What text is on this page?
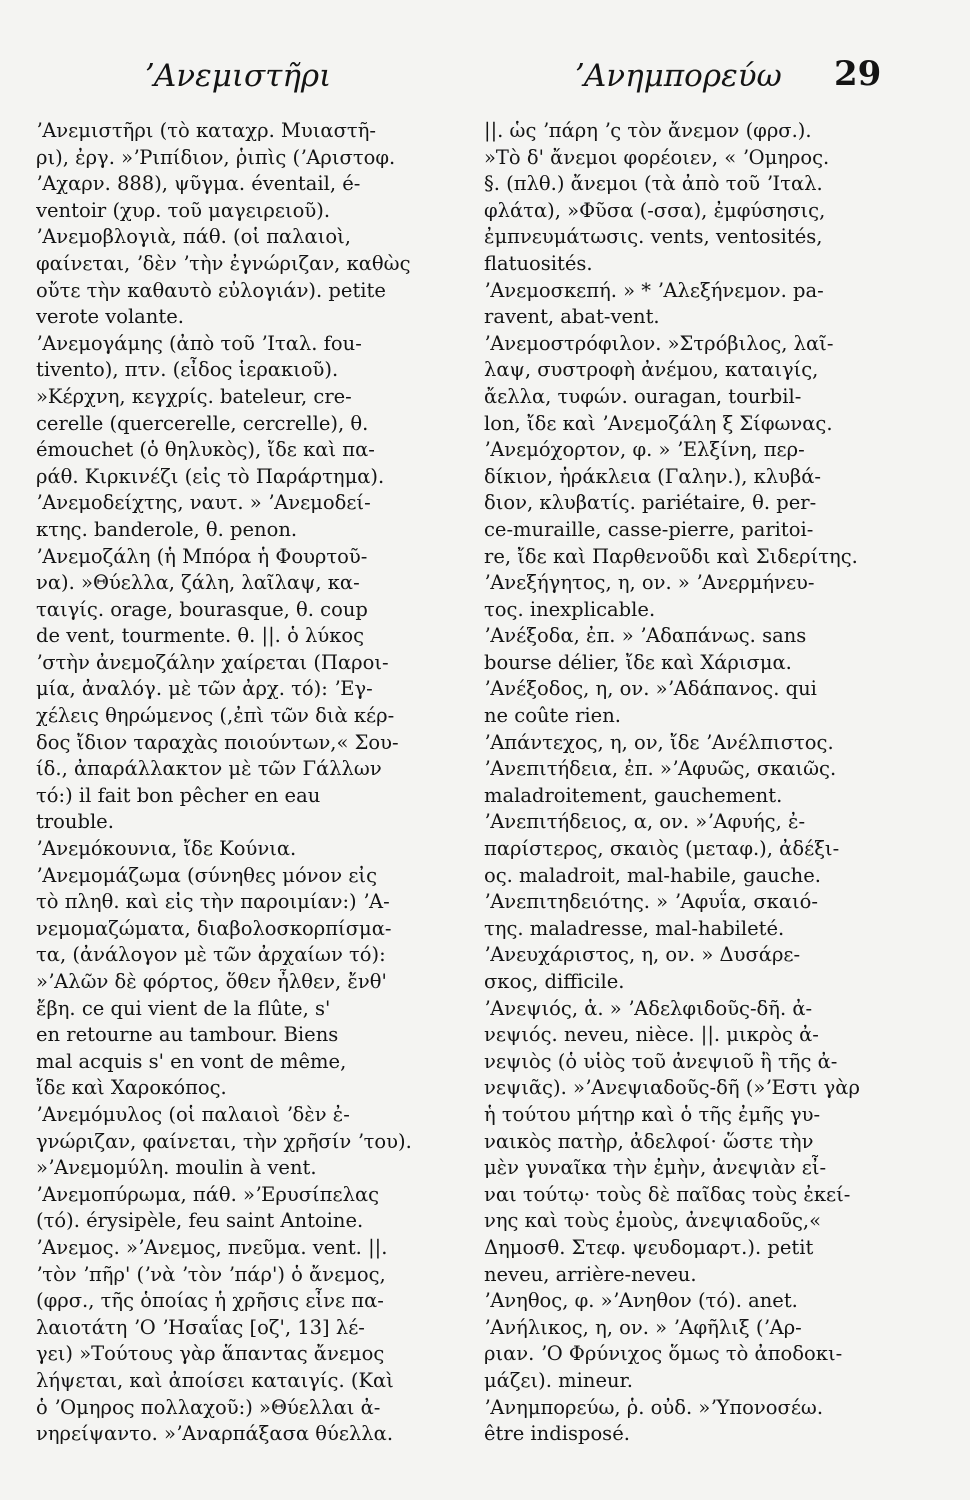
ʼΑνεμιστῆρι	ʼΑνημπορεύω 29
ʼΑνεμιστῆρι (τὸ καταχρ. Μυιαστῆ-
ρι), ἐργ. »ʼΡιπίδιον, ῥιπὶς (ʼΑριστοφ.
ʼΑχαρν. 888), ψῦγμα. éventail, é-
ventoir (χυρ. τοῦ μαγειρειοῦ).
ʼΑνεμοβλογιὰ, πάθ. (οἱ παλαιοὶ,
φαίνεται, ʼδὲν ʼτὴν ἐγνώριζαν, καθὼς
οὔτε τὴν καθαυτὸ εὐλογιάν). petite
verote volante.
ʼΑνεμογάμης (ἀπὸ τοῦ ʼΙταλ. fou-
tivento), πτν. (εἶδος ἱερακιοῦ).
»Κέρχνη, κεγχρίς. bateleur, cre-
cerelle (quercerelle, cercrelle), θ.
émouchet (ὁ θηλυκὸς), ἴδε καὶ πα-
ράθ. Κιρκινέζι (εἰς τὸ Παράρτημα).
ʼΑνεμοδείχτης, ναυτ. » ʼΑνεμοδεί-
κτης. banderole, θ. penon.
ʼΑνεμοζάλη (ἡ Μπόρα ἡ Φουρτοῦ-
να). »Θύελλα, ζάλη, λαῖλαψ, κα-
ταιγίς. orage, bourasque, θ. coup
de vent, tourmente. θ. ||. ὁ λύκος
ʼστὴν ἀνεμοζάλην χαίρεται (Παροι-
μία, ἀναλόγ. μὲ τῶν ἀρχ. τό): ʼΕγ-
χέλεις θηρώμενος (,ἐπὶ τῶν διὰ κέρ-
δος ἴδιον ταραχὰς ποιούντων,« Σου-
ίδ., ἀπαράλλακτον μὲ τῶν Γάλλων
τό:) il fait bon pêcher en eau
trouble.
ʼΑνεμόκουνια, ἴδε Κούνια.
ʼΑνεμομάζωμα (σύνηθες μόνον εἰς
τὸ πληθ. καὶ εἰς τὴν παροιμίαν:) ʼΑ-
νεμομαζώματα, διαβολοσκορπίσμα-
τα, (ἀνάλογον μὲ τῶν ἀρχαίων τό):
»ʼΑλῶν δὲ φόρτος, ὅθεν ἦλθεν, ἔνθ'
ἔβη. ce qui vient de la flûte, s'
en retourne au tambour. Biens
mal acquis s' en vont de même,
ἴδε καὶ Χαροκόπος.
ʼΑνεμόμυλος (οἱ παλαιοὶ ʼδὲν ἐ-
γνώριζαν, φαίνεται, τὴν χρῆσίν ʼτου).
»ʼΑνεμομύλη. moulin à vent.
ʼΑνεμοπύρωμα, πάθ. »ʼΕρυσίπελας
(τό). érysipèle, feu saint Antoine.
ʼΑνεμος. »ʼΑνεμος, πνεῦμα. vent. ||.
ʼτὸν ʼπῆρ' (ʼνὰ ʼτὸν ʼπάρ') ὁ ἄνεμος,
(φρσ., τῆς ὁποίας ἡ χρῆσις εἶνε πα-
λαιοτάτη ʼΟ ʼΗσαΐας [οζ', 13] λέ-
γει) »Τούτους γὰρ ἅπαντας ἄνεμος
λήψεται, καὶ ἀποίσει καταιγίς. (Καὶ
ὁ ʼΟμηρος πολλαχοῦ:) »Θύελλαι ἀ-
νηρείψαντο. »ʼΑναρπάξασα θύελλα.
||. ὡς ʼπάρη ʼς τὸν ἄνεμον (φρσ.).
»Τὸ δ' ἄνεμοι φορέοιεν, « ʼΟμηρος.
§. (πλθ.) ἄνεμοι (τὰ ἀπὸ τοῦ ʼΙταλ.
φλάτα), »Φῦσα (-σσα), ἐμφύσησις,
ἐμπνευμάτωσις. vents, ventosités,
flatuosités.
ʼΑνεμοσκεπή. » * ʼΑλεξήνεμον. pa-
ravent, abat-vent.
ʼΑνεμοστρόφιλον. »Στρόβιλος, λαῖ-
λαψ, συστροφὴ ἀνέμου, καταιγίς,
ἄελλα, τυφών. ouragan, tourbil-
lon, ἴδε καὶ ʼΑνεμοζάλη ξ Σίφωνας.
ʼΑνεμόχορτον, φ. » ʼΕλξίνη, περ-
δίκιον, ἡράκλεια (Γαλην.), κλυβά-
διον, κλυβατίς. pariétaire, θ. per-
ce-muraille, casse-pierre, paritoi-
re, ἴδε καὶ Παρθενοῦδι καὶ Σιδερίτης.
ʼΑνεξήγητος, η, ον. » ʼΑνερμήνευ-
τος. inexplicable.
ʼΑνέξοδα, ἐπ. » ʼΑδαπάνως. sans
bourse délier, ἴδε καὶ Χάρισμα.
ʼΑνέξοδος, η, ον. »ʼΑδάπανος. qui
ne coûte rien.
ʼΑπάντεχος, η, ον, ἴδε ʼΑνέλπιστος.
ʼΑνεπιτήδεια, ἐπ. »ʼΑφυῶς, σκαιῶς.
maladroitement, gauchement.
ʼΑνεπιτήδειος, α, ον. »ʼΑφυής, ἐ-
παρίστερος, σκαιὸς (μεταφ.), ἀδέξι-
ος. maladroit, mal-habile, gauche.
ʼΑνεπιτηδειότης. » ʼΑφυΐα, σκαιό-
της. maladresse, mal-habileté.
ʼΑνευχάριστος, η, ον. » Δυσάρε-
σκος, difficile.
ʼΑνεψιός, ἁ. » ʼΑδελφιδοῦς-δῆ. ἀ-
νεψιός. neveu, nièce. ||. μικρὸς ἀ-
νεψιὸς (ὁ υἱὸς τοῦ ἀνεψιοῦ ἢ τῆς ἀ-
νεψιᾶς). »ʼΑνεψιαδοῦς-δῆ (»ʼΕστι γὰρ
ἡ τούτου μήτηρ καὶ ὁ τῆς ἐμῆς γυ-
ναικὸς πατὴρ, ἀδελφοί· ὥστε τὴν
μὲν γυναῖκα τὴν ἐμὴν, ἀνεψιὰν εἶ-
ναι τούτῳ· τοὺς δὲ παῖδας τοὺς ἐκεί-
νης καὶ τοὺς ἐμοὺς, ἀνεψιαδοῦς,«
Δημοσθ. Στεφ. ψευδομαρτ.). petit
neveu, arrière-neveu.
ʼΑνηθος, φ. »ʼΑνηθον (τό). anet.
ʼΑνήλικος, η, ον. » ʼΑφῆλιξ (ʼΑρ-
ριαν. ʼΟ Φρύνιχος ὅμως τὸ ἀποδοκι-
μάζει). mineur.
ʼΑνημπορεύω, ῥ. οὐδ. »ʼΥπονοσέω.
être indisposé.
